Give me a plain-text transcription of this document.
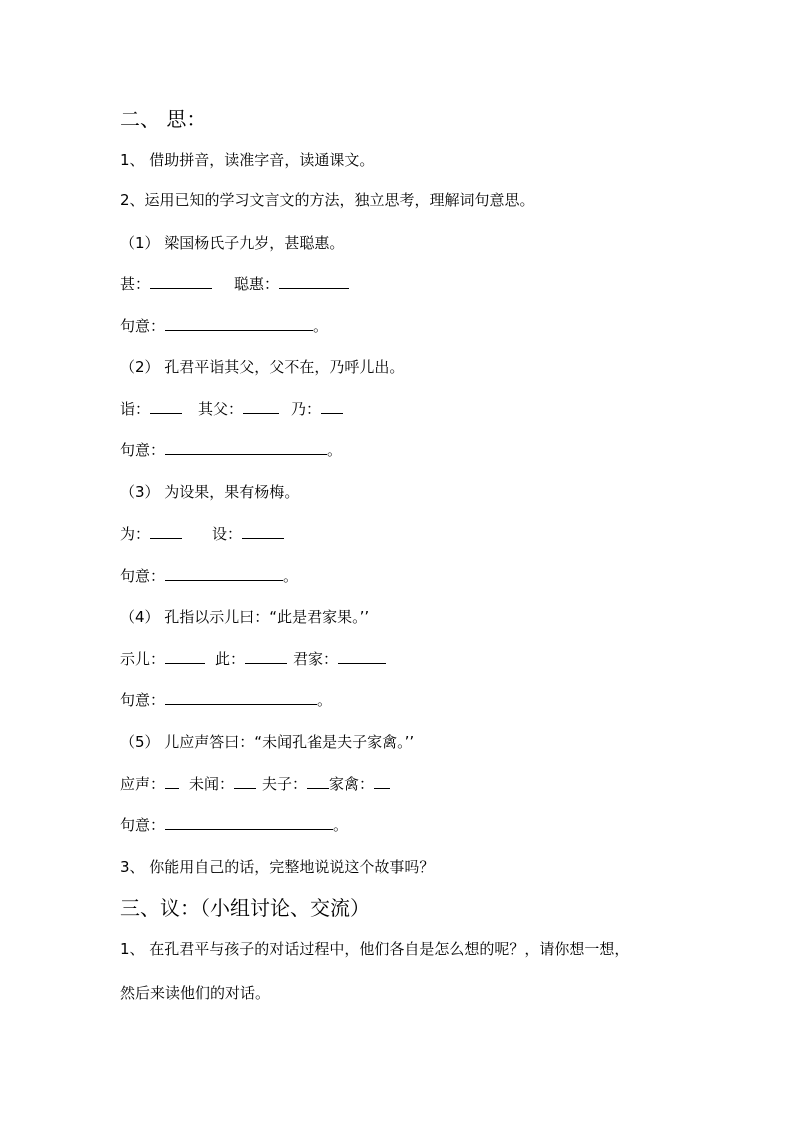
二、 思：
1、 借助拼音，读准字音，读通课文。
2、运用已知的学习文言文的方法，独立思考，理解词句意思。
（1） 梁国杨氏子九岁，甚聪惠。
甚：	聪惠：
句意：	。
（2） 孔君平诣其父，父不在，乃呼儿出。
诣：	其父：	乃：
句意：	。
（3） 为设果，果有杨梅。
为：	设：
句意：	。
（4） 孔指以示儿曰：“此是君家果。’’
示儿：	此：	君家：
句意：	。
（5） 儿应声答曰：“未闻孔雀是夫子家禽。’’
应声： 未闻： 夫子： 家禽：
句意：	。
3、 你能用自己的话，完整地说说这个故事吗？
三、议：（小组讨论、交流）
1、 在孔君平与孩子的对话过程中，他们各自是怎么想的呢？，请你想一想，
然后来读他们的对话。
